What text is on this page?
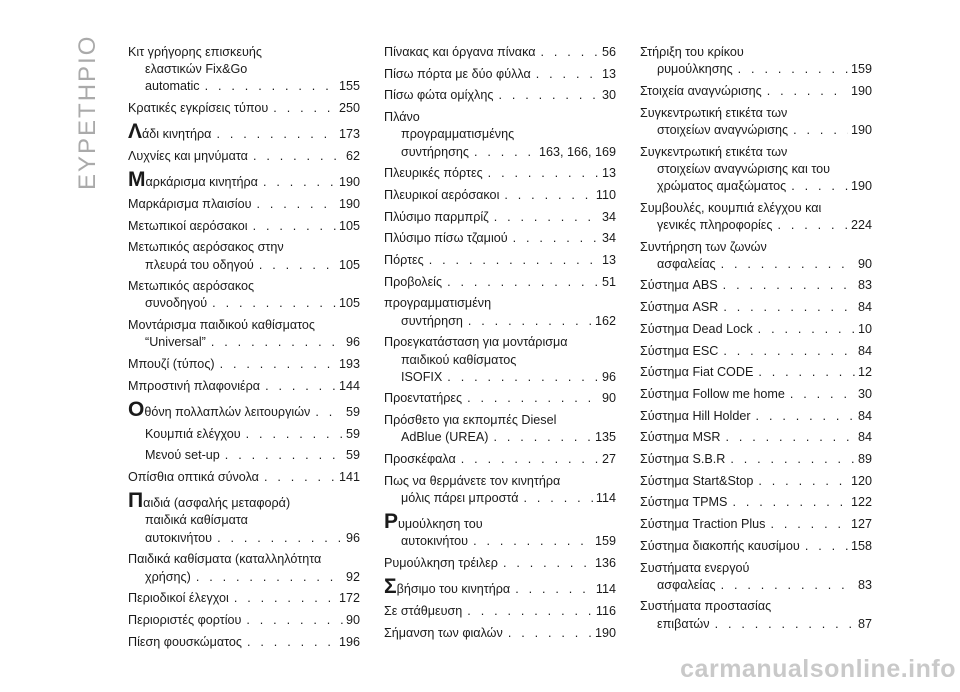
ΕΥΡΕΤΗΡΙΟ Κιτ γρήγορης επισκευής
ελαστικών Fix&Go
automatic . . .	155
Κρατικές εγκρίσεις τύπου . . .	250
Λάδι κινητήρα . . .	173
Λυχνίες και μηνύματα . . .	62
Μαρκάρισμα κινητήρα . . .	190
Μαρκάρισμα πλαισίου . . .	190
Μετωπικοί αερόσακοι . . .	105
Μετωπικός αερόσακος στην
πλευρά του οδηγού . . .	105
Μετωπικός αερόσακος
συνοδηγού . . .	105
Μοντάρισμα παιδικού καθίσματος
“Universal” . . .	96
Μπουζί (τύπος) . . .	193
Μπροστινή πλαφονιέρα . . .	144
Οθόνη πολλαπλών λειτουργιών . . .	59
Κουμπιά ελέγχου . . .	59
Μενού set-up . . .	59
Οπίσθια οπτικά σύνολα . . .	141
Παιδιά (ασφαλής μεταφορά)
παιδικά καθίσματα
αυτοκινήτου . . .	96
Παιδικά καθίσματα (καταλληλότητα
χρήσης) . . .	92
Περιοδικοί έλεγχοι . . .	172
Περιοριστές φορτίου . . .	90
Πίεση φουσκώματος . . .	196
Πίνακας και όργανα πίνακα . . .	56
Πίσω πόρτα με δύο φύλλα . . .	13
Πίσω φώτα ομίχλης . . .	30
Πλάνο
προγραμματισμένης
συντήρησης . . .	163, 166, 169
Πλευρικές πόρτες . . .	13
Πλευρικοί αερόσακοι . . .	110
Πλύσιμο παρμπρίζ . . .	34
Πλύσιμο πίσω τζαμιού . . .	34
Πόρτες . . .	13
Προβολείς . . .	51
προγραμματισμένη
συντήρηση . . .	162
Προεγκατάσταση για μοντάρισμα
παιδικού καθίσματος
ISOFIX . . .	96
Προεντατήρες . . .	90
Πρόσθετο για εκπομπές Diesel
AdBlue (UREA) . . .	135
Προσκέφαλα . . .	27
Πως να θερμάνετε τον κινητήρα
μόλις πάρει μπροστά . . .	114
Ρυμούλκηση του
αυτοκινήτου . . .	159
Ρυμούλκηση τρέιλερ . . .	136
Σβήσιμο του κινητήρα . . .	114
Σε στάθμευση . . .	116
Σήμανση των φιαλών . . .	190
Στήριξη του κρίκου
ρυμούλκησης . . .	159
Στοιχεία αναγνώρισης . . .	190
Συγκεντρωτική ετικέτα των
στοιχείων αναγνώρισης . . .	190
Συγκεντρωτική ετικέτα των
στοιχείων αναγνώρισης και του
χρώματος αμαξώματος . . .	190
Συμβουλές, κουμπιά ελέγχου και
γενικές πληροφορίες . . .	224
Συντήρηση των ζωνών
ασφαλείας . . .	90
Σύστημα ABS . . .	83
Σύστημα ASR . . .	84
Σύστημα Dead Lock . . .	10
Σύστημα ESC . . .	84
Σύστημα Fiat CODE . . .	12
Σύστημα Follow me home . . .	30
Σύστημα Hill Holder . . .	84
Σύστημα MSR . . .	84
Σύστημα S.B.R . . .	89
Σύστημα Start&Stop . . .	120
Σύστημα TPMS . . .	122
Σύστημα Traction Plus . . .	127
Σύστημα διακοπής καυσίμου . . .	158
Συστήματα ενεργού
ασφαλείας . . .	83
Συστήματα προστασίας
επιβατών . . .	87
carmanualsonline.info
